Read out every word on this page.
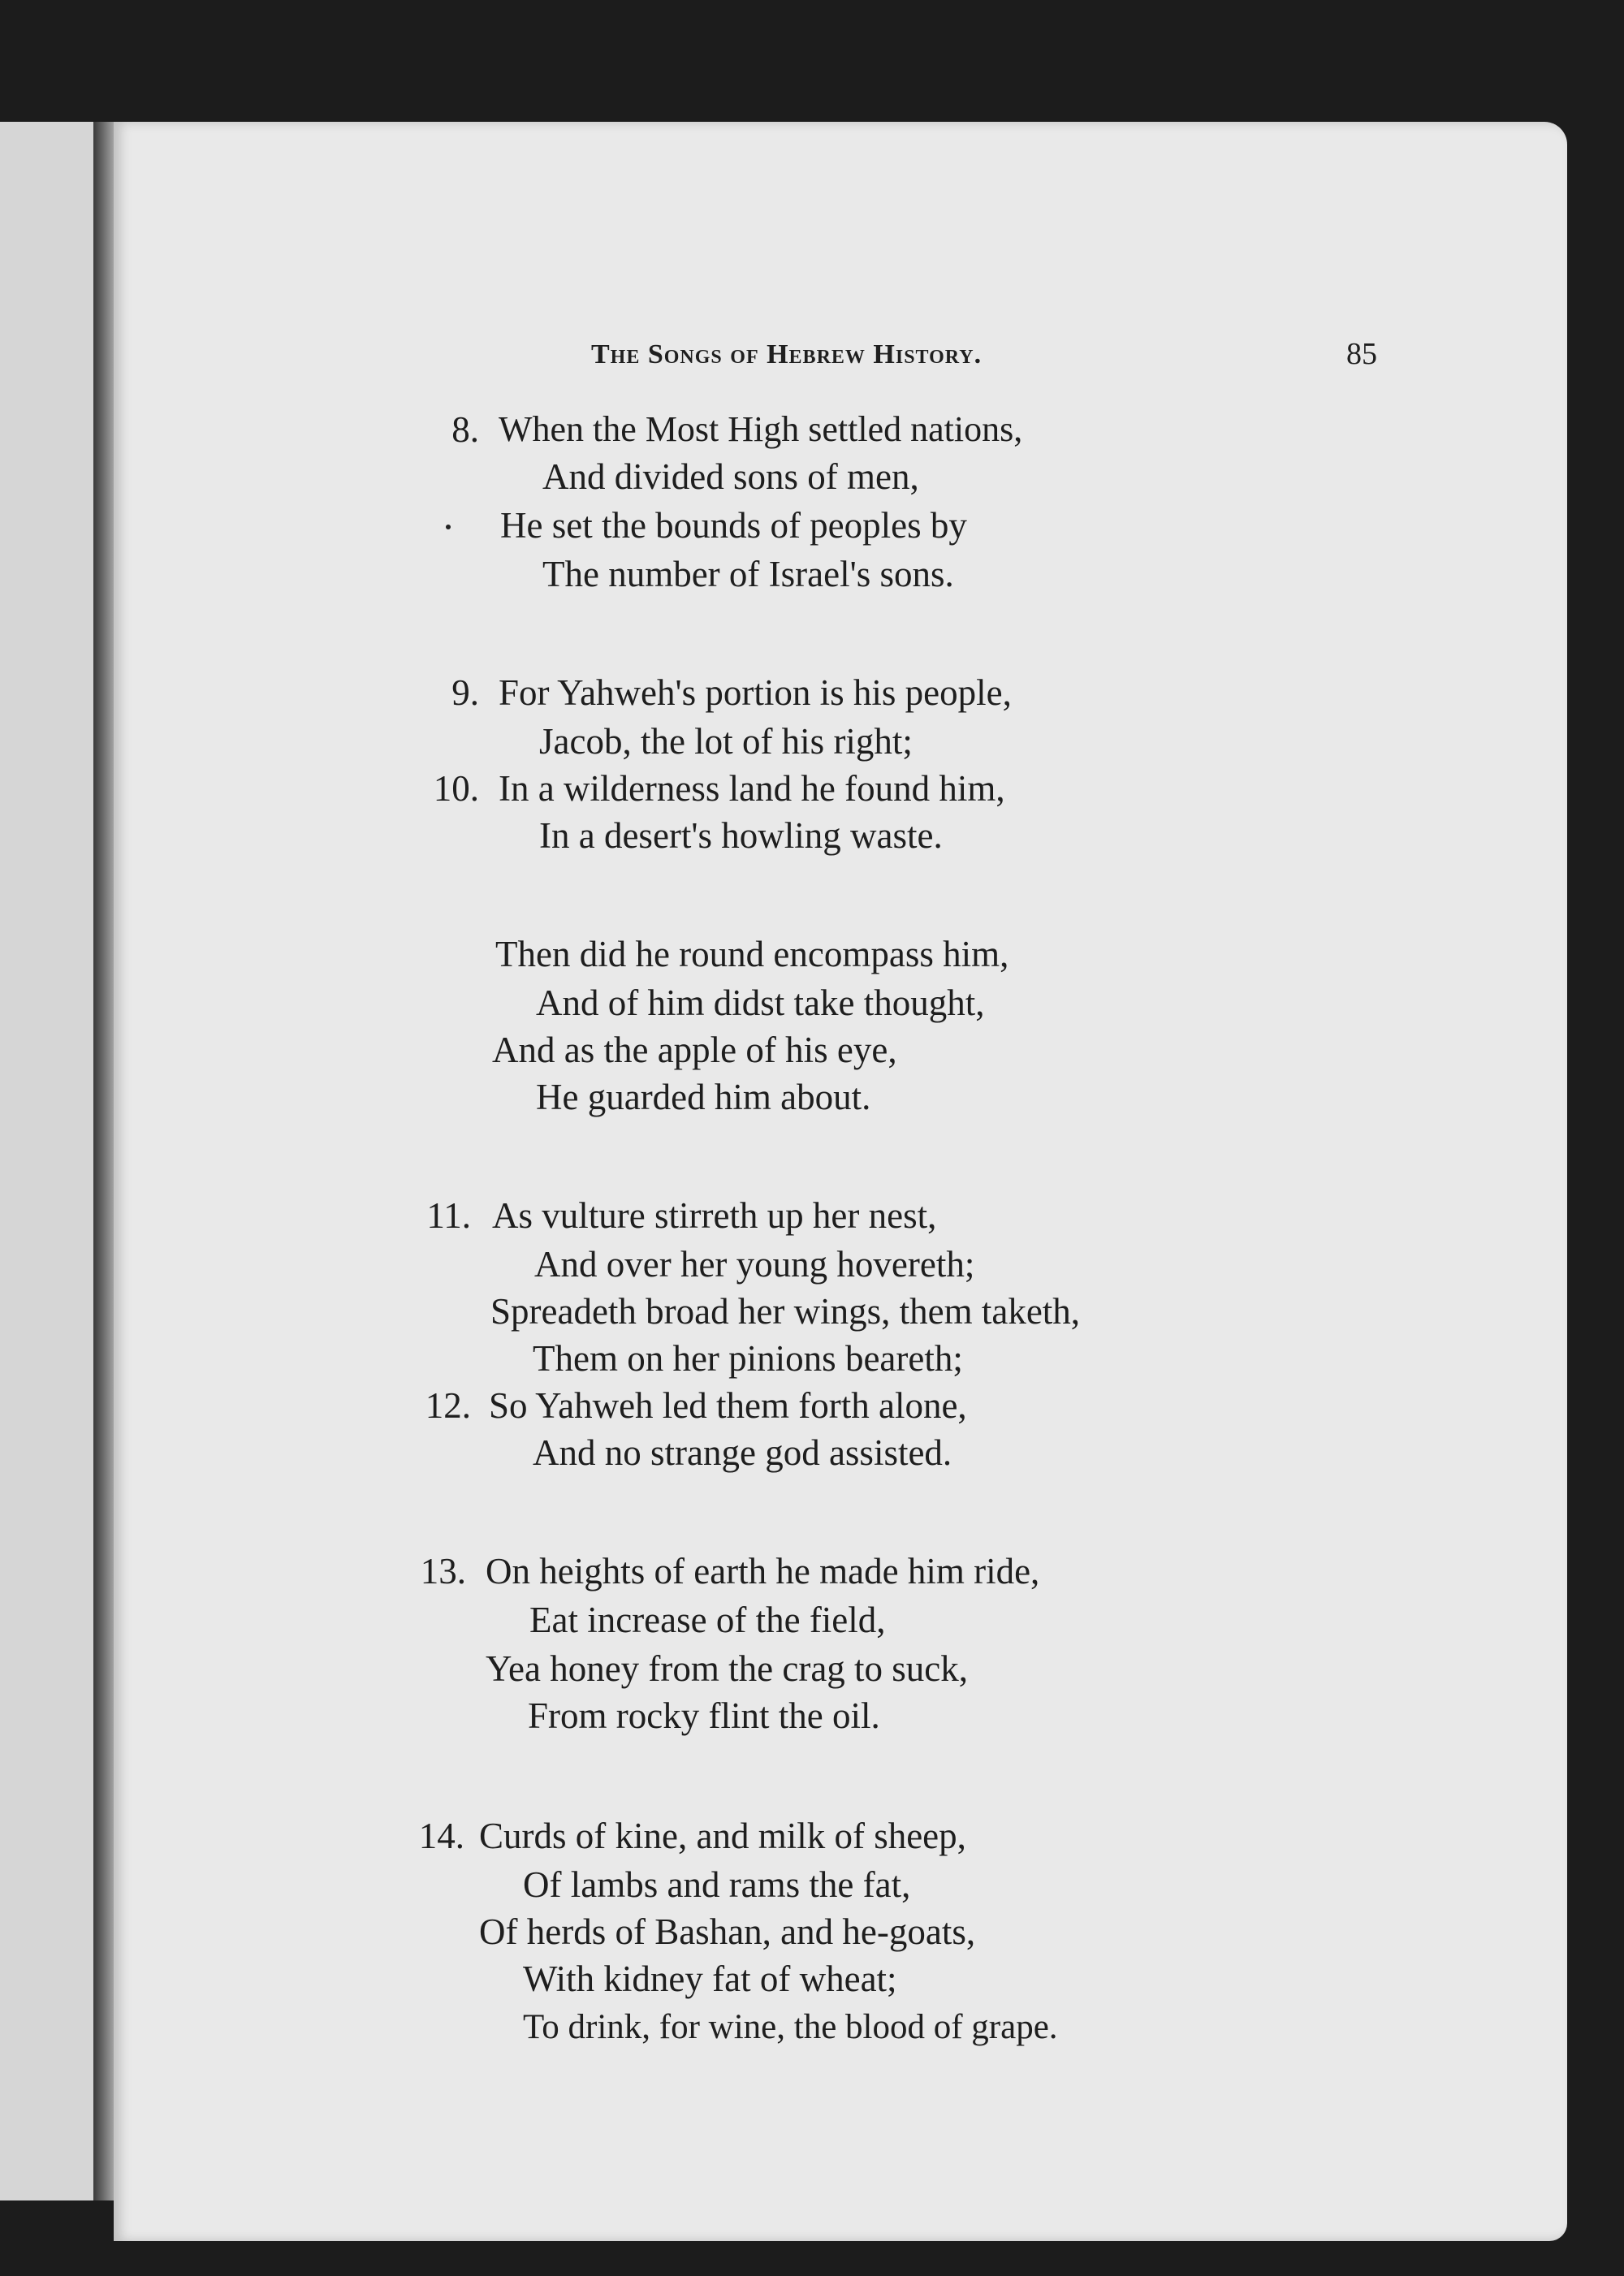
The Songs of Hebrew History.	85
8. When the Most High settled nations,
And divided sons of men,
He set the bounds of peoples by
The number of Israel's sons.
9. For Yahweh's portion is his people,
Jacob, the lot of his right;
10. In a wilderness land he found him,
In a desert's howling waste.
Then did he round encompass him,
And of him didst take thought,
And as the apple of his eye,
He guarded him about.
11. As vulture stirreth up her nest,
And over her young hovereth;
Spreadeth broad her wings, them taketh,
Them on her pinions beareth;
12. So Yahweh led them forth alone,
And no strange god assisted.
13. On heights of earth he made him ride,
Eat increase of the field,
Yea honey from the crag to suck,
From rocky flint the oil.
14. Curds of kine, and milk of sheep,
Of lambs and rams the fat,
Of herds of Bashan, and he-goats,
With kidney fat of wheat;
To drink, for wine, the blood of grape.
